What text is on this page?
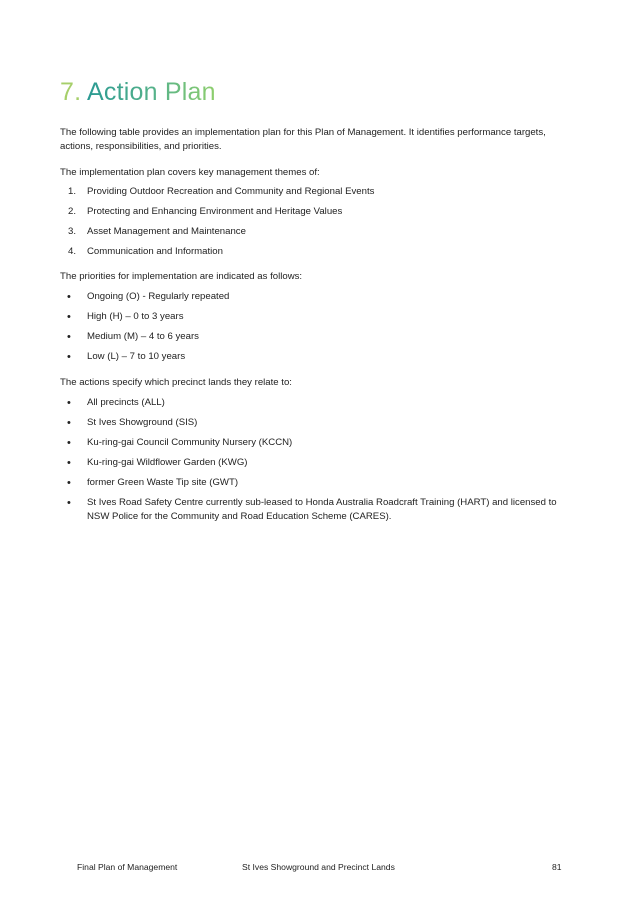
7. Action Plan

The following table provides an implementation plan for this Plan of Management. It identifies performance targets, actions, responsibilities, and priorities.

The implementation plan covers key management themes of:

1. Providing Outdoor Recreation and Community and Regional Events
2. Protecting and Enhancing Environment and Heritage Values
3. Asset Management and Maintenance
4. Communication and Information

The priorities for implementation are indicated as follows:

• Ongoing (O) - Regularly repeated
• High (H) – 0 to 3 years
• Medium (M) – 4 to 6 years
• Low (L) – 7 to 10 years

The actions specify which precinct lands they relate to:

• All precincts (ALL)
• St Ives Showground (SIS)
• Ku-ring-gai Council Community Nursery (KCCN)
• Ku-ring-gai Wildflower Garden (KWG)
• former Green Waste Tip site (GWT)
• St Ives Road Safety Centre currently sub-leased to Honda Australia Roadcraft Training (HART) and licensed to NSW Police for the Community and Road Education Scheme (CARES).

Final Plan of Management	St Ives Showground and Precinct Lands	81
